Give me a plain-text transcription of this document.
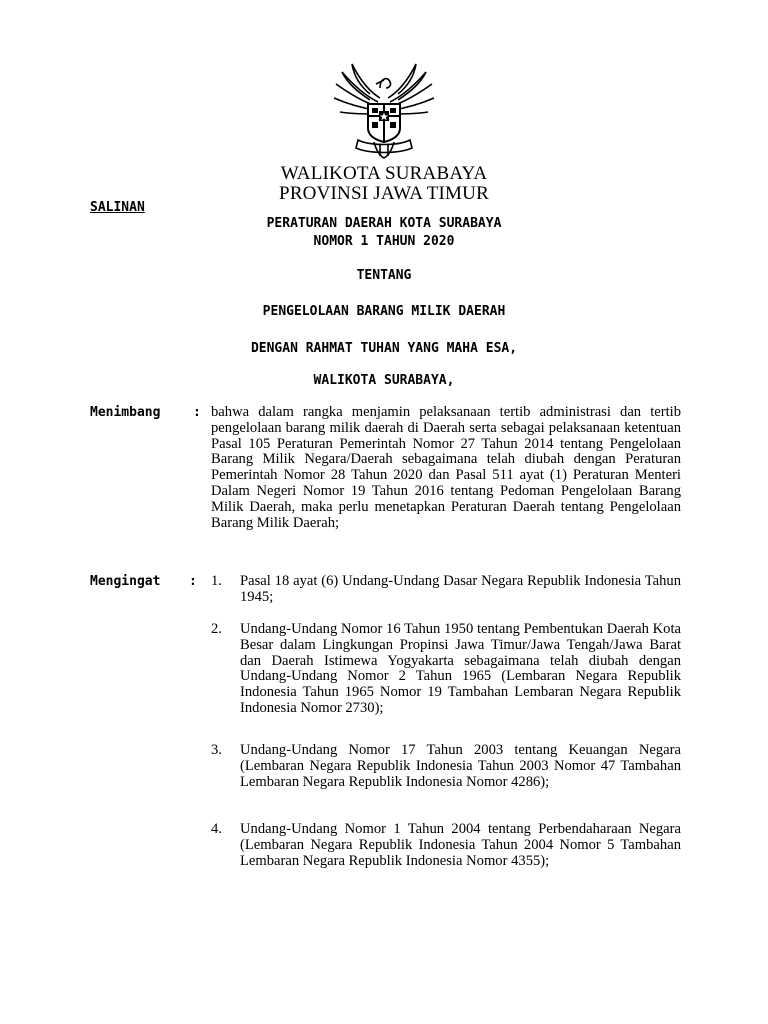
WALIKOTA SURABAYA
PROVINSI JAWA TIMUR
SALINAN
PERATURAN DAERAH KOTA SURABAYA
NOMOR 1 TAHUN 2020
TENTANG
PENGELOLAAN BARANG MILIK DAERAH
DENGAN RAHMAT TUHAN YANG MAHA ESA,
WALIKOTA SURABAYA,
Menimbang	: bahwa dalam rangka menjamin pelaksanaan tertib administrasi dan tertib pengelolaan barang milik daerah di Daerah serta sebagai pelaksanaan ketentuan Pasal 105 Peraturan Pemerintah Nomor 27 Tahun 2014 tentang Pengelolaan Barang Milik Negara/Daerah sebagaimana telah diubah dengan Peraturan Pemerintah Nomor 28 Tahun 2020 dan Pasal 511 ayat (1) Peraturan Menteri Dalam Negeri Nomor 19 Tahun 2016 tentang Pedoman Pengelolaan Barang Milik Daerah, maka perlu menetapkan Peraturan Daerah tentang Pengelolaan Barang Milik Daerah;

Mengingat : 1. Pasal 18 ayat (6) Undang-Undang Dasar Negara Republik Indonesia Tahun 1945;

2. Undang-Undang Nomor 16 Tahun 1950 tentang Pembentukan Daerah Kota Besar dalam Lingkungan Propinsi Jawa Timur/Jawa Tengah/Jawa Barat dan Daerah Istimewa Yogyakarta sebagaimana telah diubah dengan Undang-Undang Nomor 2 Tahun 1965 (Lembaran Negara Republik Indonesia Tahun 1965 Nomor 19 Tambahan Lembaran Negara Republik Indonesia Nomor 2730);

3. Undang-Undang Nomor 17 Tahun 2003 tentang Keuangan Negara (Lembaran Negara Republik Indonesia Tahun 2003 Nomor 47 Tambahan Lembaran Negara Republik Indonesia Nomor 4286);

4. Undang-Undang Nomor 1 Tahun 2004 tentang Perbendaharaan Negara (Lembaran Negara Republik Indonesia Tahun 2004 Nomor 5 Tambahan Lembaran Negara Republik Indonesia Nomor 4355);
